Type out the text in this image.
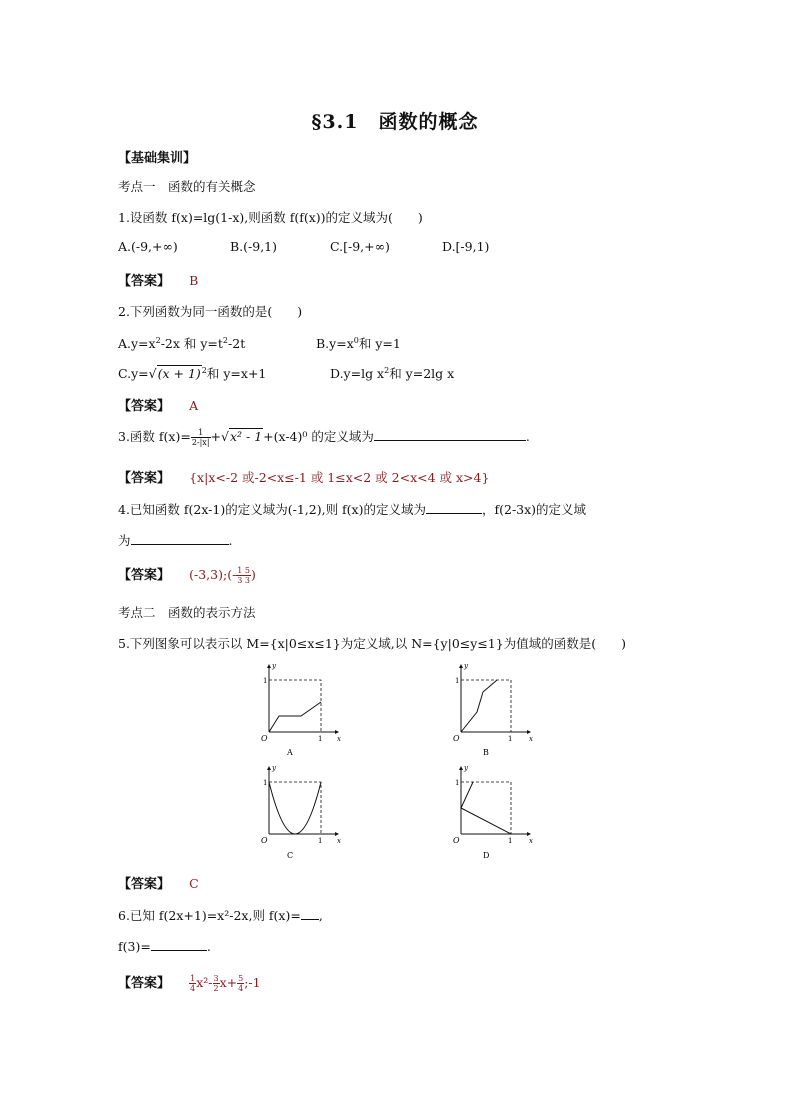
§3.1　函数的概念
【基础集训】
考点一　函数的有关概念
1.设函数 f(x)=lg(1-x),则函数 f(f(x))的定义域为(　　)
A.(-9,+∞)	B.(-9,1)	C.[-9,+∞)	D.[-9,1)
【答案】 B
2.下列函数为同一函数的是(　　)
$A.y=x^2-2x$ 和 $y=t^2-2t$	$B.y=x^0$和 y=1
$C.y=√(x + 1)^2$和 y=x+1	D.y=lg $x^2$和 y=2lg x
【答案】 A
3.函数 $f(x)= \frac{1}{2-|x|} +√x^2 - 1+(x-4)^0$ 的定义域为	.
【答案】 {x|x<-2 或-2<x≤-1 或 1≤x<2 或 2<x<4 或 x>4}
4.已知函数 f(2x-1)的定义域为(-1,2),则 f(x)的定义域为	，f(2-3x)的定义域
为	.
【答案】 (-3,3);(- $\frac{1 5}{3 3}$ )
考点二　函数的表示方法
5.下列图象可以表示以 M={x|0≤x≤1}为定义域,以 N={y|0≤y≤1}为值域的函数是(　　)
y
x
O
1
1
A
y
x
O
1
1
B
y
x
O
1
1
C
y
x
O
1
1
D
【答案】 C
6.已知 f(2x+1)=x²-2x,则 f(x)= ,
f(3)=	.
【答案】 $\frac{1}{4} x^2- \frac{3}{2} x+ \frac{5}{4}$ ;-1
